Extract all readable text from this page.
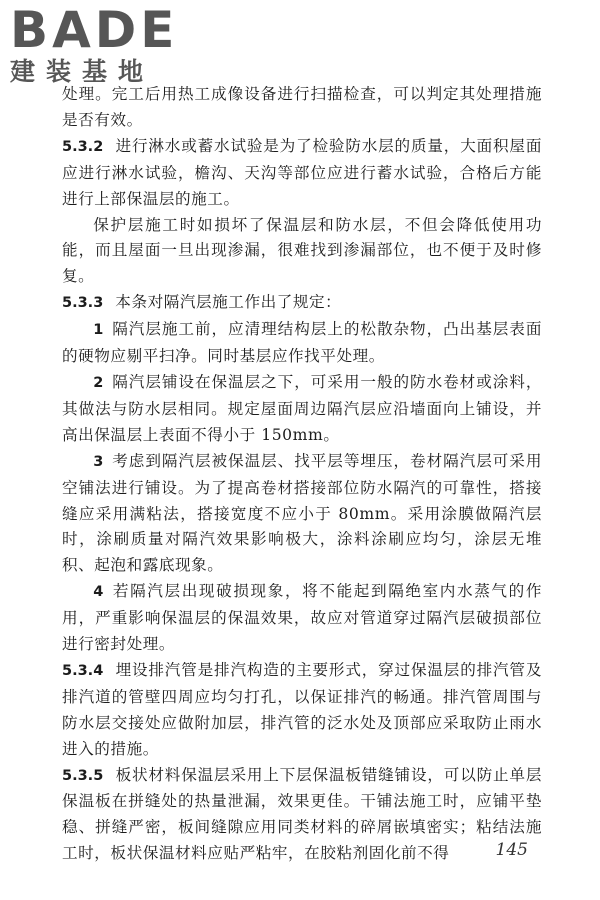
BADE
建装基地

处理。完工后用热工成像设备进行扫描检查，可以判定其处理措施是否有效。

5.3.2 进行淋水或蓄水试验是为了检验防水层的质量，大面积屋面应进行淋水试验，檐沟、天沟等部位应进行蓄水试验，合格后方能进行上部保温层的施工。

保护层施工时如损坏了保温层和防水层，不但会降低使用功能，而且屋面一旦出现渗漏，很难找到渗漏部位，也不便于及时修复。

5.3.3 本条对隔汽层施工作出了规定：

1 隔汽层施工前，应清理结构层上的松散杂物，凸出基层表面的硬物应剔平扫净。同时基层应作找平处理。

2 隔汽层铺设在保温层之下，可采用一般的防水卷材或涂料，其做法与防水层相同。规定屋面周边隔汽层应沿墙面向上铺设，并高出保温层上表面不得小于 150mm。

3 考虑到隔汽层被保温层、找平层等埋压，卷材隔汽层可采用空铺法进行铺设。为了提高卷材搭接部位防水隔汽的可靠性，搭接缝应采用满粘法，搭接宽度不应小于 80mm。采用涂膜做隔汽层时，涂刷质量对隔汽效果影响极大，涂料涂刷应均匀，涂层无堆积、起泡和露底现象。

4 若隔汽层出现破损现象，将不能起到隔绝室内水蒸气的作用，严重影响保温层的保温效果，故应对管道穿过隔汽层破损部位进行密封处理。

5.3.4 埋设排汽管是排汽构造的主要形式，穿过保温层的排汽管及排汽道的管壁四周应均匀打孔，以保证排汽的畅通。排汽管周围与防水层交接处应做附加层，排汽管的泛水处及顶部应采取防止雨水进入的措施。

5.3.5 板状材料保温层采用上下层保温板错缝铺设，可以防止单层保温板在拼缝处的热量泄漏，效果更佳。干铺法施工时，应铺平垫稳、拼缝严密，板间缝隙应用同类材料的碎屑嵌填密实；粘结法施工时，板状保温材料应贴严粘牢，在胶粘剂固化前不得	145
